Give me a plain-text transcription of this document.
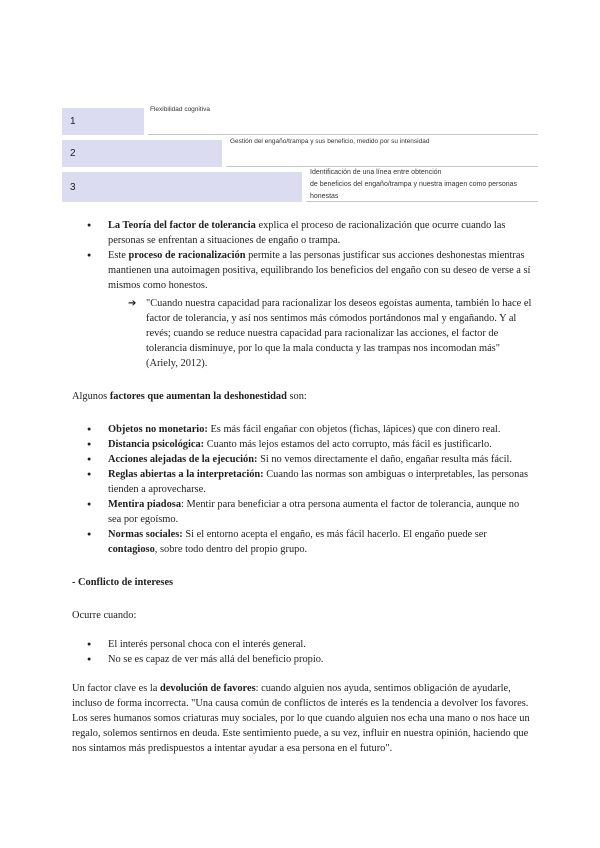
1
Flexibilidad cognitiva
2
Gestión del engaño/trampa y sus beneficio, medido por su intensidad
3
Identificación de una línea entre obtención
de beneficios del engaño/trampa y nuestra imagen como personas
honestas
● La Teoría del factor de tolerancia explica el proceso de racionalización que ocurre cuando las personas se enfrentan a situaciones de engaño o trampa.
● Este proceso de racionalización permite a las personas justificar sus acciones deshonestas mientras mantienen una autoimagen positiva, equilibrando los beneficios del engaño con su deseo de verse a sí mismos como honestos.
➔ "Cuando nuestra capacidad para racionalizar los deseos egoístas aumenta, también lo hace el factor de tolerancia, y así nos sentimos más cómodos portándonos mal y engañando. Y al revés; cuando se reduce nuestra capacidad para racionalizar las acciones, el factor de tolerancia disminuye, por lo que la mala conducta y las trampas nos incomodan más" (Ariely, 2012).

Algunos factores que aumentan la deshonestidad son:

● Objetos no monetario: Es más fácil engañar con objetos (fichas, lápices) que con dinero real.
● Distancia psicológica: Cuanto más lejos estamos del acto corrupto, más fácil es justificarlo.
● Acciones alejadas de la ejecución: Si no vemos directamente el daño, engañar resulta más fácil.
● Reglas abiertas a la interpretación: Cuando las normas son ambiguas o interpretables, las personas tienden a aprovecharse.
● Mentira piadosa: Mentir para beneficiar a otra persona aumenta el factor de tolerancia, aunque no sea por egoísmo.
● Normas sociales: Si el entorno acepta el engaño, es más fácil hacerlo. El engaño puede ser contagioso, sobre todo dentro del propio grupo.

- Conflicto de intereses

Ocurre cuando:

● El interés personal choca con el interés general.
● No se es capaz de ver más allá del beneficio propio.

Un factor clave es la devolución de favores: cuando alguien nos ayuda, sentimos obligación de ayudarle, incluso de forma incorrecta. "Una causa común de conflictos de interés es la tendencia a devolver los favores. Los seres humanos somos criaturas muy sociales, por lo que cuando alguien nos echa una mano o nos hace un regalo, solemos sentirnos en deuda. Este sentimiento puede, a su vez, influir en nuestra opinión, haciendo que nos sintamos más predispuestos a intentar ayudar a esa persona en el futuro".
